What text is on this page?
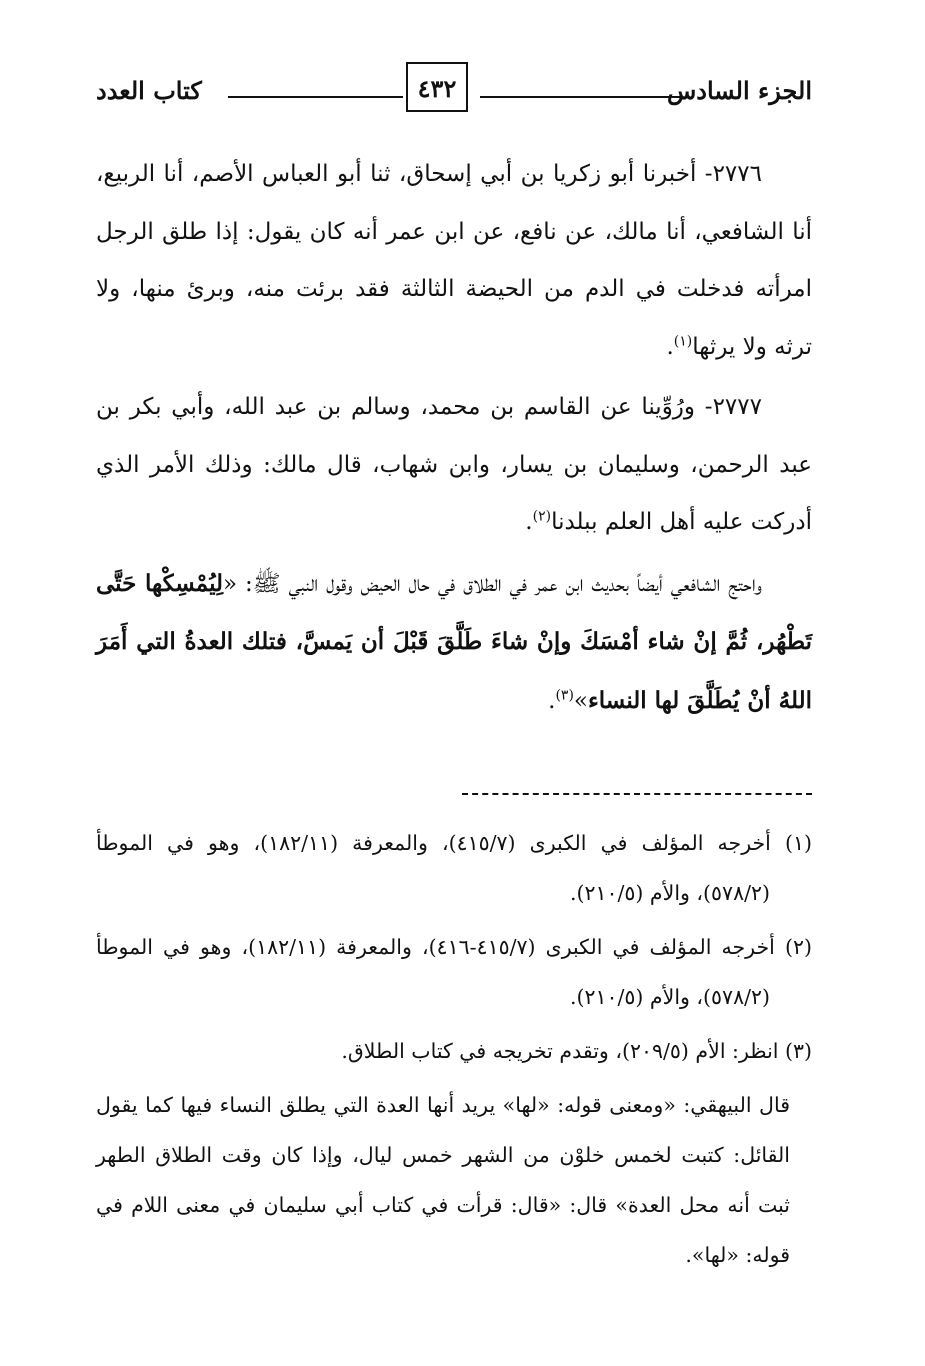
الجزء السادس
٤٣٢
كتاب العدد

٢٧٧٦- أخبرنا أبو زكريا بن أبي إسحاق، ثنا أبو العباس الأصم، أنا الربيع، أنا الشافعي، أنا مالك، عن نافع، عن ابن عمر أنه كان يقول: إذا طلق الرجل امرأته فدخلت في الدم من الحيضة الثالثة فقد برئت منه، وبرئ منها، ولا ترثه ولا يرثها$^{(١)}$.

٢٧٧٧- ورُوِّينا عن القاسم بن محمد، وسالم بن عبد الله، وأبي بكر بن عبد الرحمن، وسليمان بن يسار، وابن شهاب، قال مالك: وذلك الأمر الذي أدركت عليه أهل العلم ببلدنا$^{(٢)}$.

واحتج الشافعي أيضاً بحديث ابن عمر في الطلاق في حال الحيض وقول النبي ﷺ: «لِيُمْسِكْها حَتَّى تَطْهُر، ثُمَّ إنْ شاء أمْسَكَ وإنْ شاءَ طَلَّقَ قَبْلَ أن يَمسَّ، فتلك العدةُ التي أَمَرَ اللهُ أنْ يُطَلَّقَ لها النساء»$^{(٣)}$.

(١) أخرجه المؤلف في الكبرى (٤١٥/٧)، والمعرفة (١٨٢/١١)، وهو في الموطأ (٥٧٨/٢)، والأم (٢١٠/٥).

(٢) أخرجه المؤلف في الكبرى (٤١٥/٧-٤١٦)، والمعرفة (١٨٢/١١)، وهو في الموطأ (٥٧٨/٢)، والأم (٢١٠/٥).

(٣) انظر: الأم (٢٠٩/٥)، وتقدم تخريجه في كتاب الطلاق.

قال البيهقي: «ومعنى قوله: «لها» يريد أنها العدة التي يطلق النساء فيها كما يقول القائل: كتبت لخمس خلوْن من الشهر خمس ليال، وإذا كان وقت الطلاق الطهر ثبت أنه محل العدة» قال: «قال: قرأت في كتاب أبي سليمان في معنى اللام في قوله: «لها».
